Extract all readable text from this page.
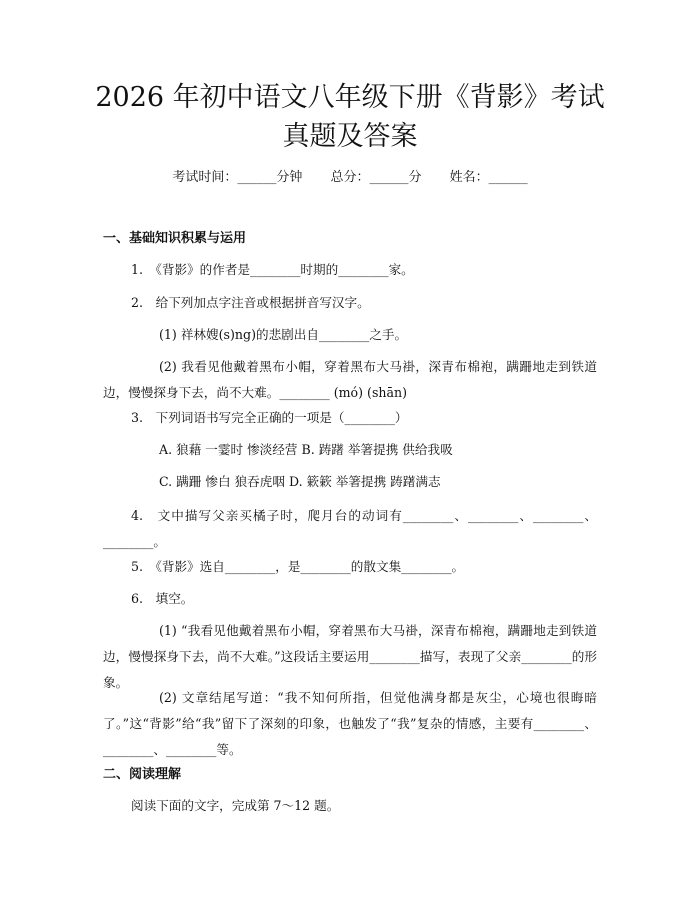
2026 年初中语文八年级下册《背影》考试真题及答案
考试时间：______分钟 总分：______分 姓名：______
一、基础知识积累与运用
1.　《背影》的作者是________时期的________家。
2.　给下列加点字注音或根据拼音写汉字。
(1) 祥林嫂(s)ng)的悲剧出自________之手。
(2) 我看见他戴着黑布小帽，穿着黑布大马褂，深青布棉袍，蹒跚地走到铁道边，慢慢探身下去，尚不大难。________ (mó) (shān)
3.　下列词语书写完全正确的一项是（________）
A. 狼藉 一霎时 惨淡经营 B. 踌躇 举箸提携 供给我吸
C. 蹒跚 惨白 狼吞虎咽 D. 簌簌 举箸提携 踌躇满志
4.　文中描写父亲买橘子时，爬月台的动词有________、________、________、________。
5.　《背影》选自________，是________的散文集________。
6.　填空。
(1) “我看见他戴着黑布小帽，穿着黑布大马褂，深青布棉袍，蹒跚地走到铁道边，慢慢探身下去，尚不大难。”这段话主要运用________描写，表现了父亲________的形象。
(2) 文章结尾写道：“我不知何所指，但觉他满身都是灰尘，心境也很晦暗了。”这“背影”给“我”留下了深刻的印象，也触发了“我”复杂的情感，主要有________、________、________等。
二、阅读理解
阅读下面的文字，完成第 7～12 题。
